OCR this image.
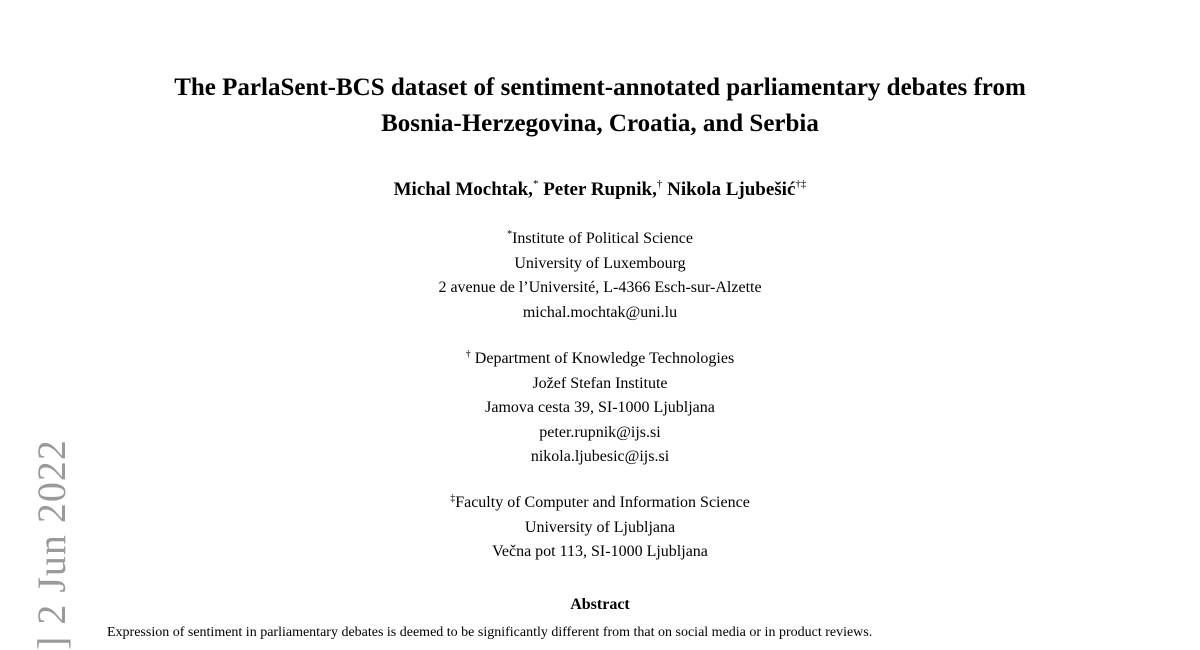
] 2 Jun 2022
The ParlaSent-BCS dataset of sentiment-annotated parliamentary debates from
Bosnia-Herzegovina, Croatia, and Serbia
Michal Mochtak,* Peter Rupnik,† Nikola Ljubešić†‡
*Institute of Political Science
University of Luxembourg
2 avenue de l’Université, L-4366 Esch-sur-Alzette
michal.mochtak@uni.lu
† Department of Knowledge Technologies
Jožef Stefan Institute
Jamova cesta 39, SI-1000 Ljubljana
peter.rupnik@ijs.si
nikola.ljubesic@ijs.si
‡Faculty of Computer and Information Science
University of Ljubljana
Večna pot 113, SI-1000 Ljubljana
Abstract
Expression of sentiment in parliamentary debates is deemed to be significantly different from that on social media or in product reviews.
